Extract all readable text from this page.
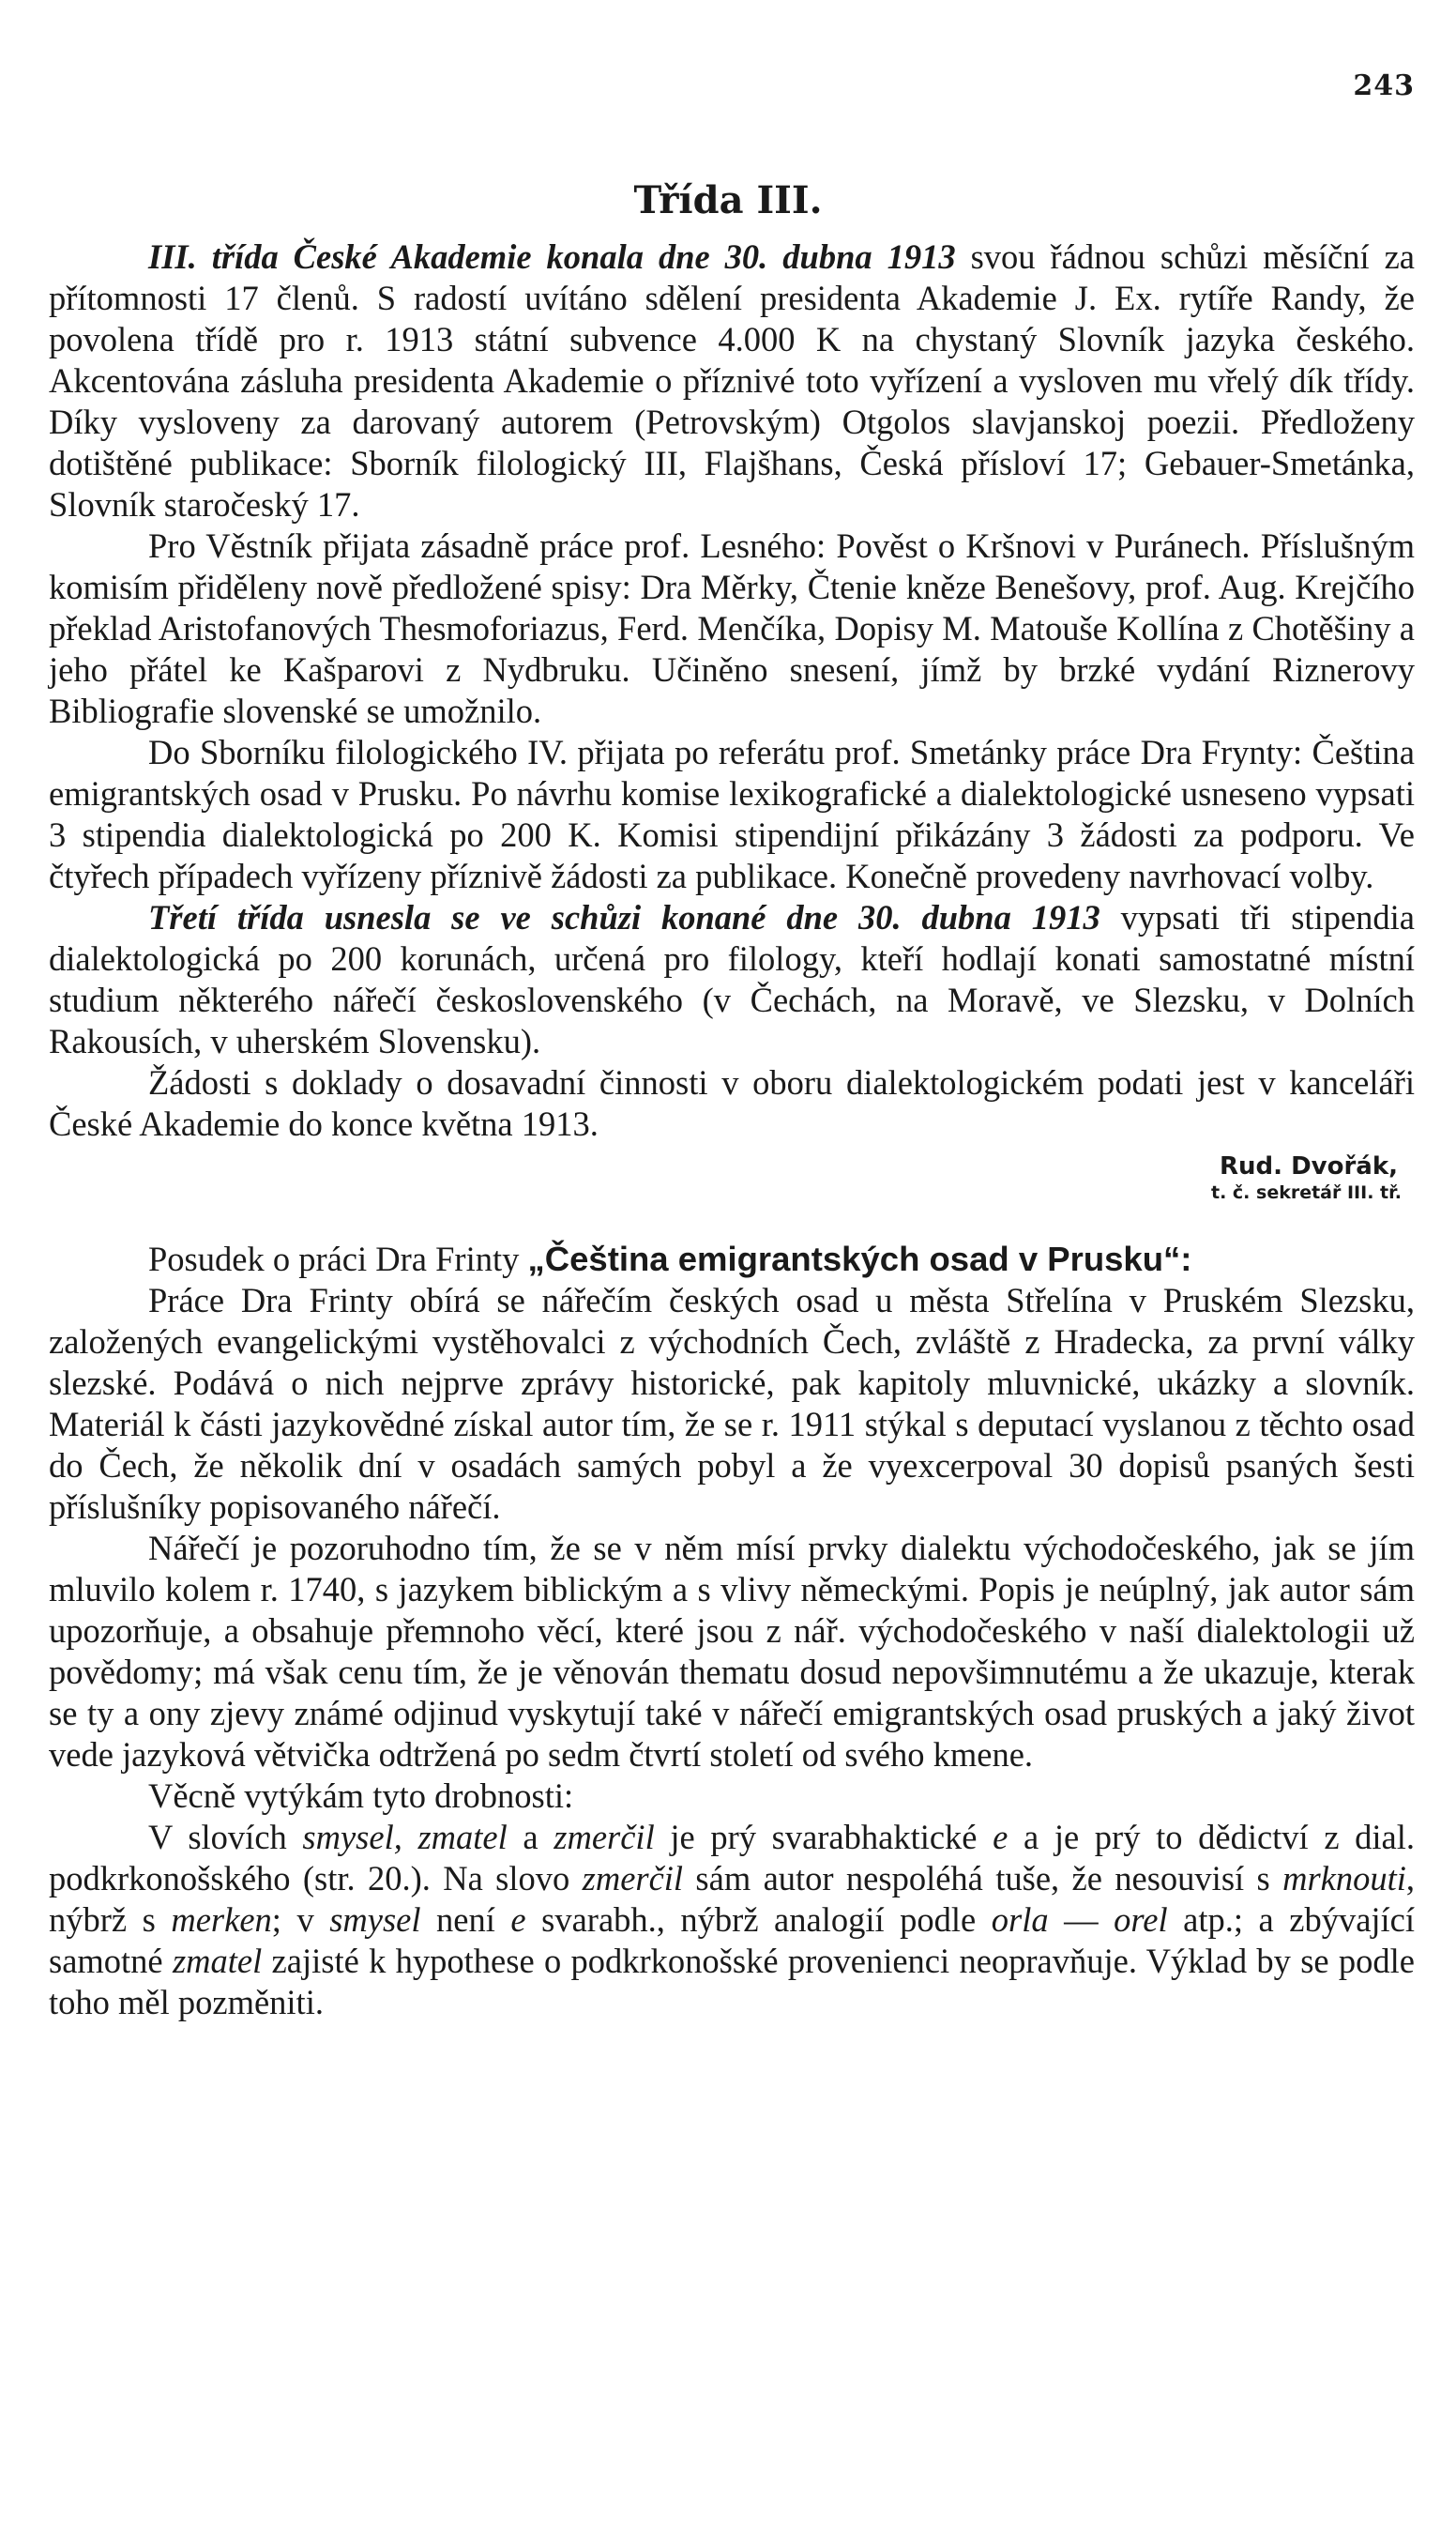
243
Třída III.

III. třída České Akademie konala dne 30. dubna 1913 svou řádnou schůzi měsíční za přítomnosti 17 členů. S radostí uvítáno sdělení presidenta Akademie J. Ex. rytíře Randy, že povolena třídě pro r. 1913 státní subvence 4.000 K na chystaný Slovník jazyka českého. Akcentována zásluha presidenta Akademie o příznivé toto vyřízení a vysloven mu vřelý dík třídy. Díky vysloveny za darovaný autorem (Petrovským) Otgolos slavjanskoj poezii. Předloženy dotištěné publikace: Sborník filologický III, Flajšhans, Česká přísloví 17; Gebauer-Smetánka, Slovník staročeský 17.

Pro Věstník přijata zásadně práce prof. Lesného: Pověst o Kršnovi v Puránech. Příslušným komisím přiděleny nově předložené spisy: Dra Měrky, Čtenie kněze Benešovy, prof. Aug. Krejčího překlad Aristofanových Thesmoforiazus, Ferd. Menčíka, Dopisy M. Matouše Kollína z Chotěšiny a jeho přátel ke Kašparovi z Nydbruku. Učiněno snesení, jímž by brzké vydání Riznerovy Bibliografie slovenské se umožnilo.

Do Sborníku filologického IV. přijata po referátu prof. Smetánky práce Dra Frynty: Čeština emigrantských osad v Prusku. Po návrhu komise lexikografické a dialektologické usneseno vypsati 3 stipendia dialektologická po 200 K. Komisi stipendijní přikázány 3 žádosti za podporu. Ve čtyřech případech vyřízeny příznivě žádosti za publikace. Konečně provedeny navrhovací volby.

Třetí třída usnesla se ve schůzi konané dne 30. dubna 1913 vypsati tři stipendia dialektologická po 200 korunách, určená pro filology, kteří hodlají konati samostatné místní studium některého nářečí československého (v Čechách, na Moravě, ve Slezsku, v Dolních Rakousích, v uherském Slovensku).

Žádosti s doklady o dosavadní činnosti v oboru dialektologickém podati jest v kanceláři České Akademie do konce května 1913.

Rud. Dvořák,
t. č. sekretář III. tř.

Posudek o práci Dra Frinty „Čeština emigrantských osad v Prusku“:

Práce Dra Frinty obírá se nářečím českých osad u města Střelína v Pruském Slezsku, založených evangelickými vystěhovalci z východních Čech, zvláště z Hradecka, za první války slezské. Podává o nich nejprve zprávy historické, pak kapitoly mluvnické, ukázky a slovník. Materiál k části jazykovědné získal autor tím, že se r. 1911 stýkal s deputací vyslanou z těchto osad do Čech, že několik dní v osadách samých pobyl a že vyexcerpoval 30 dopisů psaných šesti příslušníky popisovaného nářečí.

Nářečí je pozoruhodno tím, že se v něm mísí prvky dialektu východočeského, jak se jím mluvilo kolem r. 1740, s jazykem biblickým a s vlivy německými. Popis je neúplný, jak autor sám upozorňuje, a obsahuje přemnoho věcí, které jsou z nář. východočeského v naší dialektologii už povědomy; má však cenu tím, že je věnován thematu dosud nepovšimnutému a že ukazuje, kterak se ty a ony zjevy známé odjinud vyskytují také v nářečí emigrantských osad pruských a jaký život vede jazyková větvička odtržená po sedm čtvrtí století od svého kmene.

Věcně vytýkám tyto drobnosti:

V slovích smysel, zmatel a zmerčil je prý svarabhaktické e a je prý to dědictví z dial. podkrkonošského (str. 20.). Na slovo zmerčil sám autor nespoléhá tuše, že nesouvisí s mrknouti, nýbrž s merken; v smysel není e svarabh., nýbrž analogií podle orla — orel atp.; a zbývající samotné zmatel zajisté k hypothese o podkrkonošské provenienci neopravňuje. Výklad by se podle toho měl pozměniti.
